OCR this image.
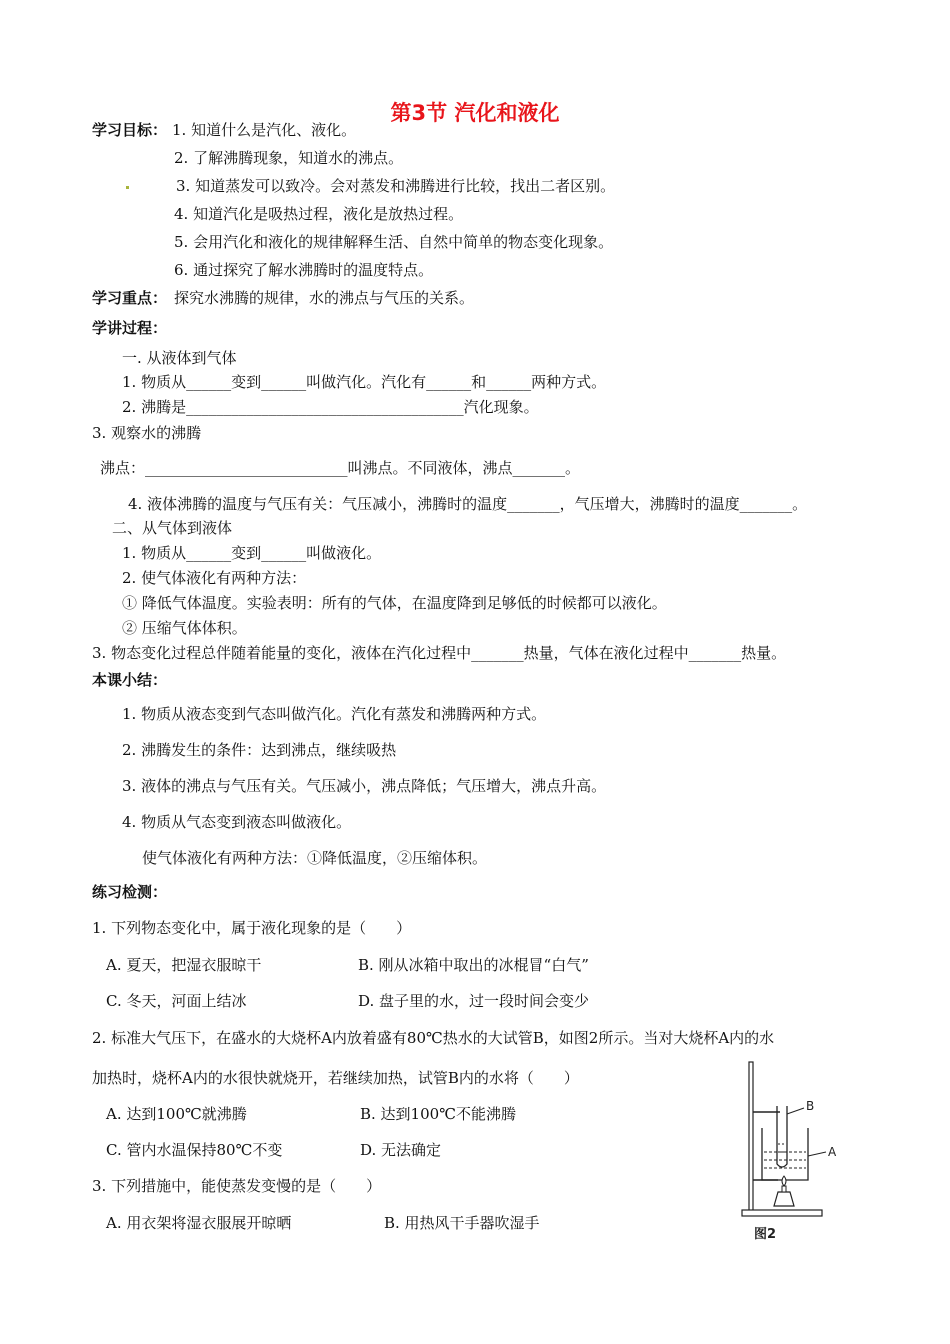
第3节 汽化和液化
学习目标： 1. 知道什么是汽化、液化。
2. 了解沸腾现象，知道水的沸点。
3. 知道蒸发可以致冷。会对蒸发和沸腾进行比较，找出二者区别。
4. 知道汽化是吸热过程，液化是放热过程。
5. 会用汽化和液化的规律解释生活、自然中简单的物态变化现象。
6. 通过探究了解水沸腾时的温度特点。
学习重点： 探究水沸腾的规律，水的沸点与气压的关系。
学讲过程：
一. 从液体到气体
1. 物质从______变到______叫做汽化。汽化有______和______两种方式。
2. 沸腾是_____________________________________汽化现象。
3. 观察水的沸腾
沸点：___________________________叫沸点。不同液体，沸点_______。
4. 液体沸腾的温度与气压有关：气压减小，沸腾时的温度_______，气压增大，沸腾时的温度_______。
二、从气体到液体
1. 物质从______变到______叫做液化。
2. 使气体液化有两种方法：
① 降低气体温度。实验表明：所有的气体，在温度降到足够低的时候都可以液化。
② 压缩气体体积。
3. 物态变化过程总伴随着能量的变化，液体在汽化过程中_______热量，气体在液化过程中_______热量。
本课小结：
1. 物质从液态变到气态叫做汽化。汽化有蒸发和沸腾两种方式。
2. 沸腾发生的条件：达到沸点，继续吸热
3. 液体的沸点与气压有关。气压减小，沸点降低；气压增大，沸点升高。
4. 物质从气态变到液态叫做液化。
使气体液化有两种方法：①降低温度，②压缩体积。
练习检测：
1. 下列物态变化中，属于液化现象的是（　　）
A. 夏天，把湿衣服晾干	B. 刚从冰箱中取出的冰棍冒“白气”
C. 冬天，河面上结冰	D. 盘子里的水，过一段时间会变少
2. 标准大气压下，在盛水的大烧杯A内放着盛有80℃热水的大试管B，如图2所示。当对大烧杯A内的水
加热时，烧杯A内的水很快就烧开，若继续加热，试管B内的水将（　　）
A. 达到100℃就沸腾	B. 达到100℃不能沸腾
C. 管内水温保持80℃不变	D. 无法确定
3. 下列措施中，能使蒸发变慢的是（　　）
A. 用衣架将湿衣服展开晾晒	B. 用热风干手器吹湿手
B
A
图2
